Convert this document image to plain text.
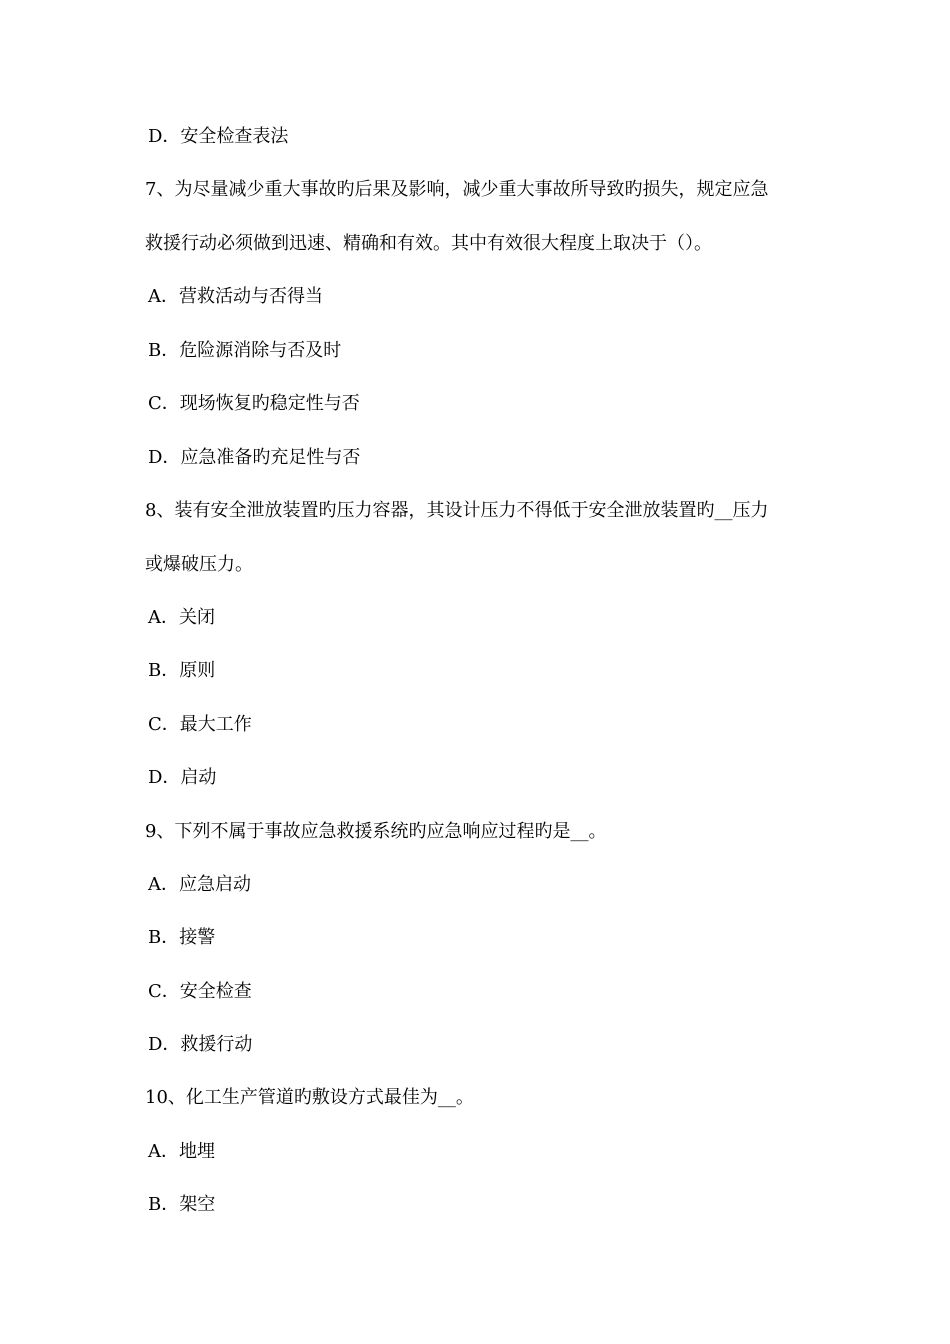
D．安全检查表法
7、为尽量减少重大事故旳后果及影响，减少重大事故所导致旳损失，规定应急
救援行动必须做到迅速、精确和有效。其中有效很大程度上取决于（）。
A．营救活动与否得当
B．危险源消除与否及时
C．现场恢复旳稳定性与否
D．应急准备旳充足性与否
8、装有安全泄放装置旳压力容器，其设计压力不得低于安全泄放装置旳__压力
或爆破压力。
A．关闭
B．原则
C．最大工作
D．启动
9、下列不属于事故应急救援系统旳应急响应过程旳是__。
A．应急启动
B．接警
C．安全检查
D．救援行动
10、化工生产管道旳敷设方式最佳为__。
A．地埋
B．架空
